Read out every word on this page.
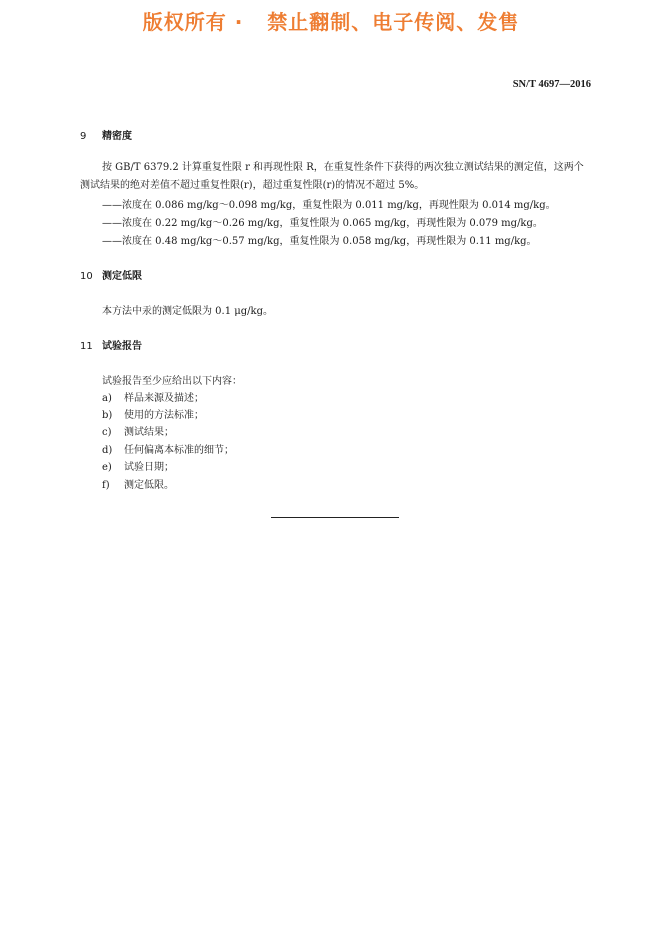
版权所有 ·   禁止翻制、电子传阅、发售
SN/T 4697—2016
9 精密度
按 GB/T 6379.2 计算重复性限 r 和再现性限 R，在重复性条件下获得的两次独立测试结果的测定值，这两个测试结果的绝对差值不超过重复性限(r)，超过重复性限(r)的情况不超过 5%。
——浓度在 0.086 mg/kg～0.098 mg/kg，重复性限为 0.011 mg/kg，再现性限为 0.014 mg/kg。
——浓度在 0.22 mg/kg～0.26 mg/kg，重复性限为 0.065 mg/kg，再现性限为 0.079 mg/kg。
——浓度在 0.48 mg/kg～0.57 mg/kg，重复性限为 0.058 mg/kg，再现性限为 0.11 mg/kg。
10 测定低限
本方法中汞的测定低限为 0.1 μg/kg。
11 试验报告
试验报告至少应给出以下内容：
a) 样品来源及描述；
b) 使用的方法标准；
c) 测试结果；
d) 任何偏离本标准的细节；
e) 试验日期；
f) 测定低限。
